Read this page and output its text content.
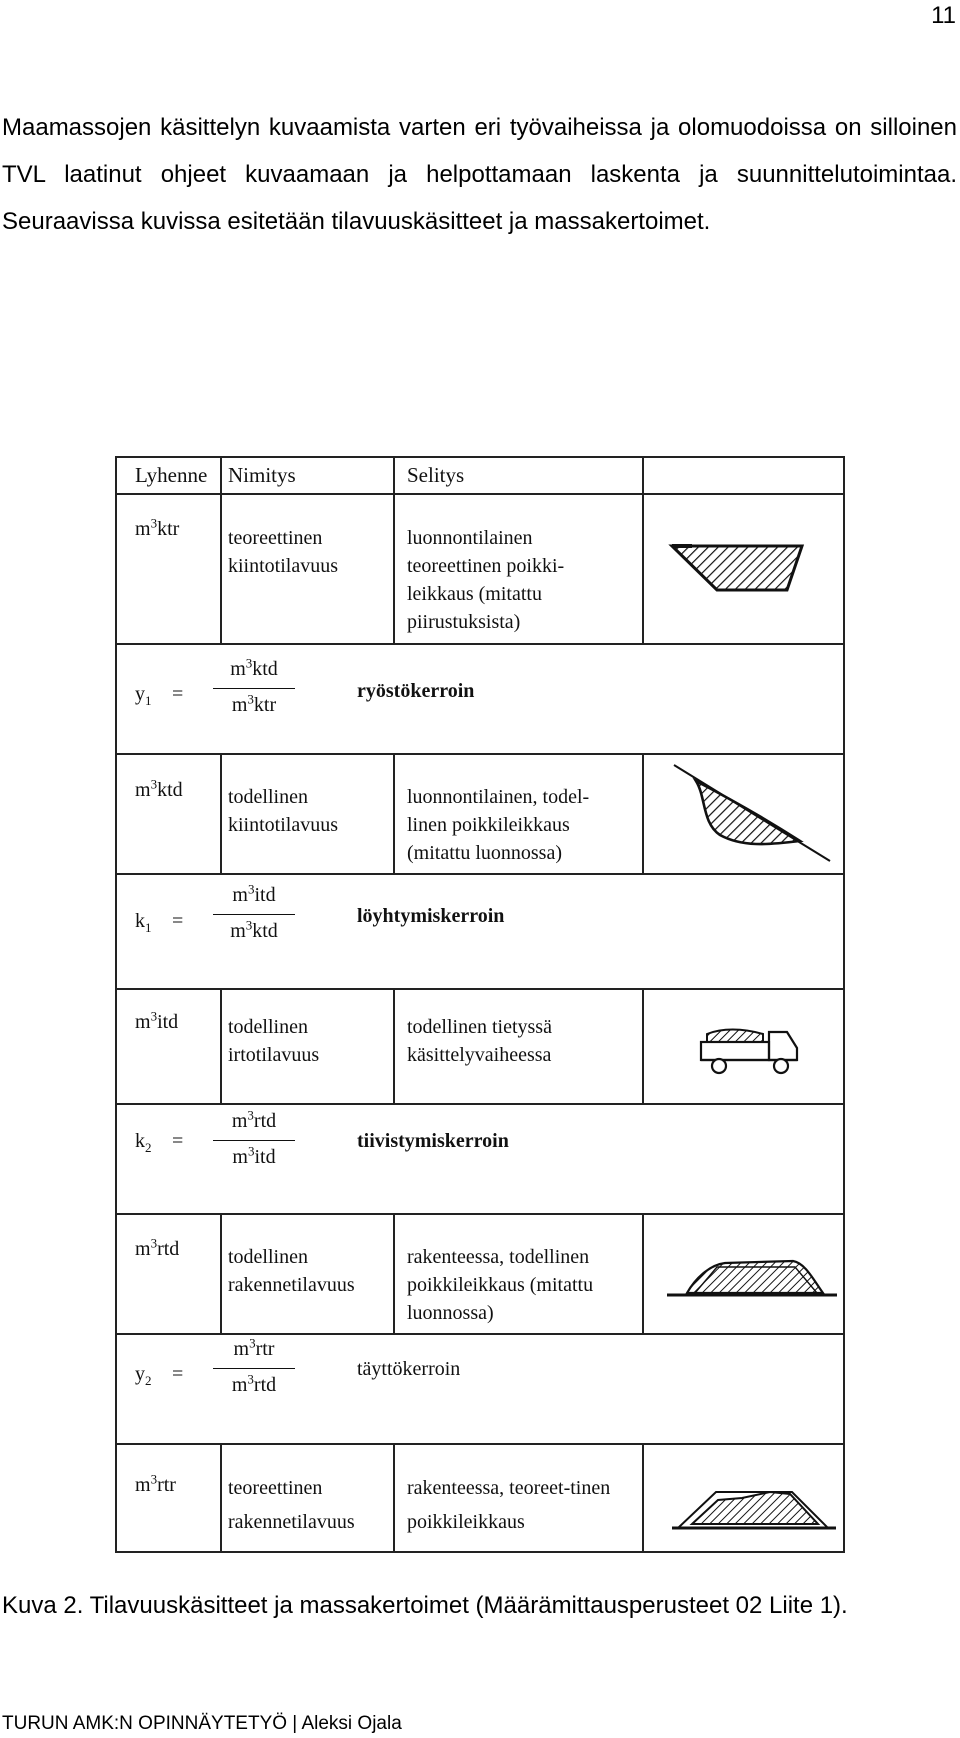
11

Maamassojen käsittelyn kuvaamista varten eri työvaiheissa ja olomuodoissa on silloinen TVL laatinut ohjeet kuvaamaan ja helpottamaan laskenta ja suunnittelutoimintaa. Seuraavissa kuvissa esitetään tilavuuskäsitteet ja massakertoimet.

Lyhenne Nimitys	Selitys
$m^3ktr$ teoreettinen kiintotilavuus
luonnontilainen teoreettinen poikki-leikkaus (mitattu piirustuksista)
$y_1$ =
$m^3ktd$
$m^3ktr$
ryöstökerroin
$m^3ktd$ todellinen kiintotilavuus
luonnontilainen, todel-linen poikkileikkaus (mitattu luonnossa)
$k_1$ =
$m^3itd$
$m^3ktd$
löyhtymiskerroin
$m^3itd$ todellinen irtotilavuus
todellinen tietyssä käsittelyvaiheessa
$k_2$ =
$m^3rtd$
$m^3itd$
tiivistymiskerroin
$m^3rtd$ todellinen rakennetilavuus
rakenteessa, todellinen poikkileikkaus (mitattu luonnossa)
$y_2$ =
$m^3rtr$
$m^3rtd$
täyttökerroin
$m^3rtr$	teoreettinen rakennetilavuus
rakenteessa, teoreet-tinen poikkileikkaus
Kuva 2. Tilavuuskäsitteet ja massakertoimet (Määrämittausperusteet 02 Liite 1).
TURUN AMK:N OPINNÄYTETYÖ | Aleksi Ojala
